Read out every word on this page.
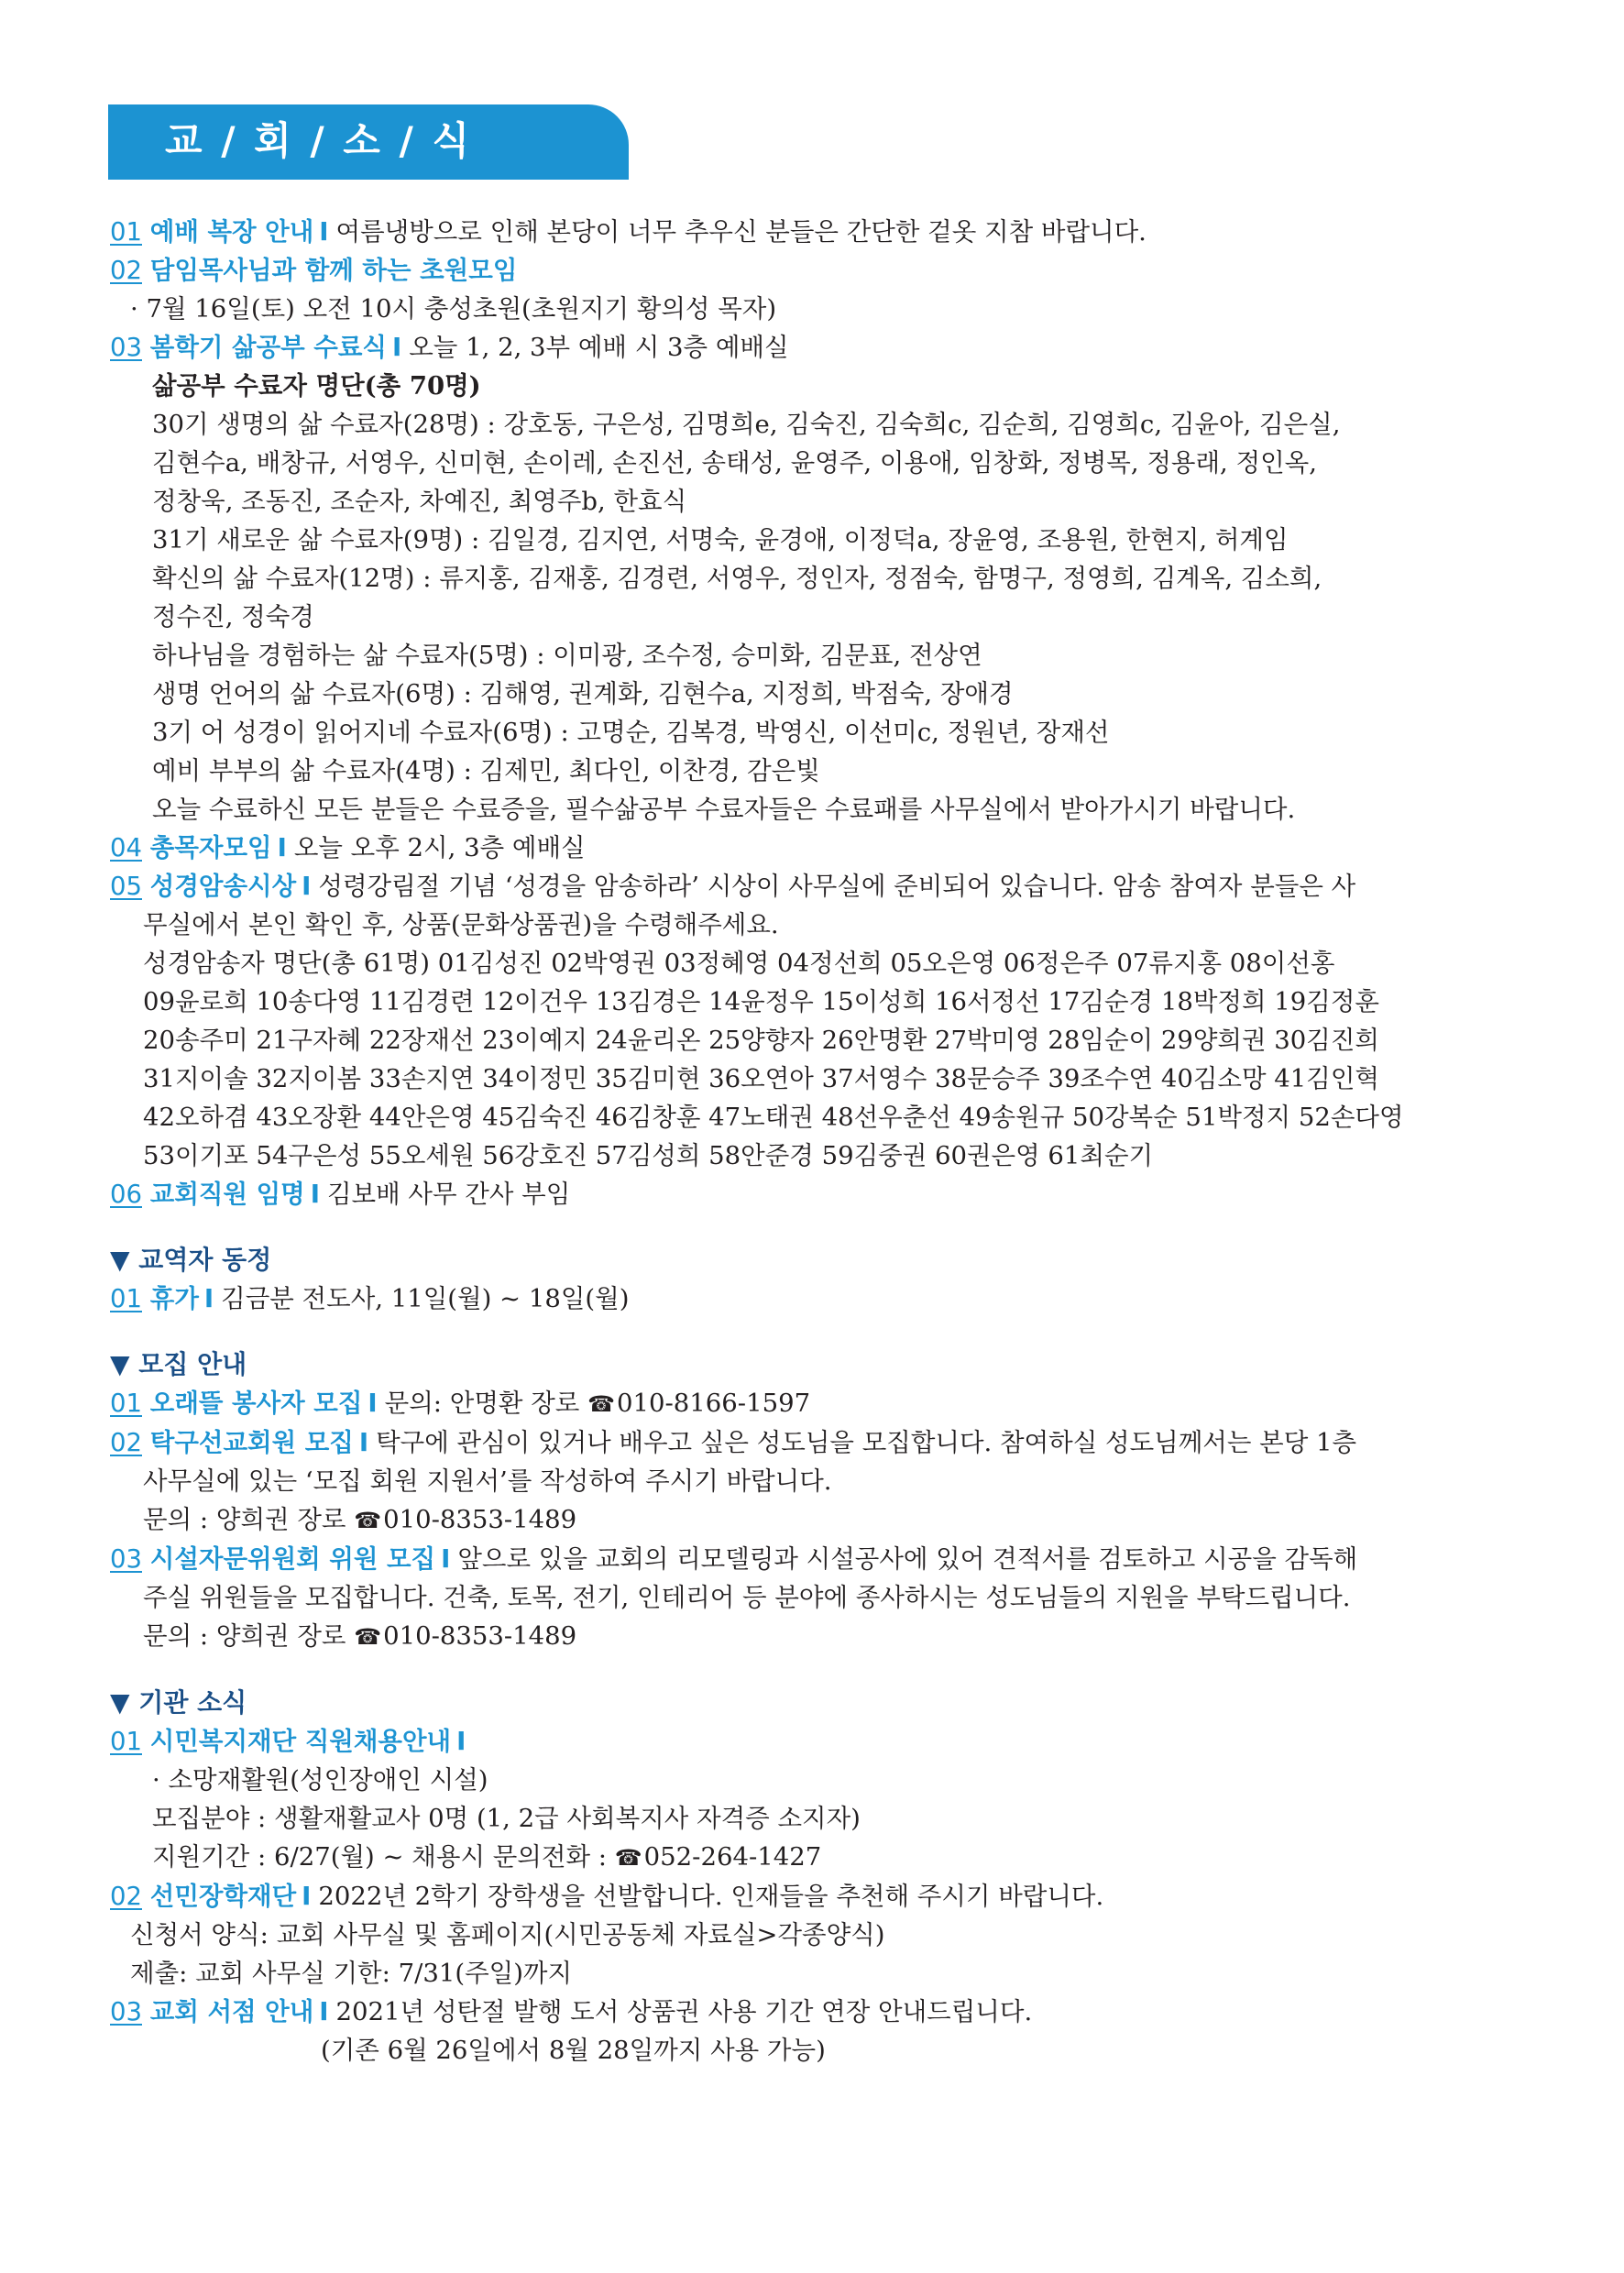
교 / 회 / 소 / 식
01 예배 복장 안내 I 여름냉방으로 인해 본당이 너무 추우신 분들은 간단한 겉옷 지참 바랍니다.
02 담임목사님과 함께 하는 초원모임
· 7월 16일(토) 오전 10시 충성초원(초원지기 황의성 목자)
03 봄학기 삶공부 수료식 I 오늘 1, 2, 3부 예배 시 3층 예배실
삶공부 수료자 명단(총 70명)
30기 생명의 삶 수료자(28명) : 강호동, 구은성, 김명희e, 김숙진, 김숙희c, 김순희, 김영희c, 김윤아, 김은실,
김현수a, 배창규, 서영우, 신미현, 손이레, 손진선, 송태성, 윤영주, 이용애, 임창화, 정병목, 정용래, 정인옥,
정창욱, 조동진, 조순자, 차예진, 최영주b, 한효식
31기 새로운 삶 수료자(9명) : 김일경, 김지연, 서명숙, 윤경애, 이정덕a, 장윤영, 조용원, 한현지, 허계임
확신의 삶 수료자(12명) : 류지홍, 김재홍, 김경련, 서영우, 정인자, 정점숙, 함명구, 정영희, 김계옥, 김소희,
정수진, 정숙경
하나님을 경험하는 삶 수료자(5명) : 이미광, 조수정, 승미화, 김문표, 전상연
생명 언어의 삶 수료자(6명) : 김해영, 권계화, 김현수a, 지정희, 박점숙, 장애경
3기 어 성경이 읽어지네 수료자(6명) : 고명순, 김복경, 박영신, 이선미c, 정원년, 장재선
예비 부부의 삶 수료자(4명) : 김제민, 최다인, 이찬경, 감은빛
오늘 수료하신 모든 분들은 수료증을, 필수삶공부 수료자들은 수료패를 사무실에서 받아가시기 바랍니다.
04 총목자모임 I 오늘 오후 2시, 3층 예배실
05 성경암송시상 I 성령강림절 기념 ‘성경을 암송하라’ 시상이 사무실에 준비되어 있습니다. 암송 참여자 분들은 사
무실에서 본인 확인 후, 상품(문화상품권)을 수령해주세요.
성경암송자 명단(총 61명) 01김성진 02박영권 03정혜영 04정선희 05오은영 06정은주 07류지홍 08이선홍
09윤로희 10송다영 11김경련 12이건우 13김경은 14윤정우 15이성희 16서정선 17김순경 18박정희 19김정훈
20송주미 21구자혜 22장재선 23이예지 24윤리온 25양향자 26안명환 27박미영 28임순이 29양희권 30김진희
31지이솔 32지이봄 33손지연 34이정민 35김미현 36오연아 37서영수 38문승주 39조수연 40김소망 41김인혁
42오하겸 43오장환 44안은영 45김숙진 46김창훈 47노태권 48선우춘선 49송원규 50강복순 51박정지 52손다영
53이기포 54구은성 55오세원 56강호진 57김성희 58안준경 59김중권 60권은영 61최순기
06 교회직원 임명 I 김보배 사무 간사 부임
▼ 교역자 동정
01 휴가 I 김금분 전도사, 11일(월) ~ 18일(월)
▼ 모집 안내
01 오래뜰 봉사자 모집 I 문의: 안명환 장로 ☎010-8166-1597
02 탁구선교회원 모집 I 탁구에 관심이 있거나 배우고 싶은 성도님을 모집합니다. 참여하실 성도님께서는 본당 1층
사무실에 있는 ‘모집 회원 지원서’를 작성하여 주시기 바랍니다.
문의 : 양희권 장로 ☎010-8353-1489
03 시설자문위원회 위원 모집 I 앞으로 있을 교회의 리모델링과 시설공사에 있어 견적서를 검토하고 시공을 감독해
주실 위원들을 모집합니다. 건축, 토목, 전기, 인테리어 등 분야에 종사하시는 성도님들의 지원을 부탁드립니다.
문의 : 양희권 장로 ☎010-8353-1489
▼ 기관 소식
01 시민복지재단 직원채용안내 I
· 소망재활원(성인장애인 시설)
모집분야 : 생활재활교사 0명 (1, 2급 사회복지사 자격증 소지자)
지원기간 : 6/27(월) ~ 채용시 문의전화 : ☎052-264-1427
02 선민장학재단 I 2022년 2학기 장학생을 선발합니다. 인재들을 추천해 주시기 바랍니다.
신청서 양식: 교회 사무실 및 홈페이지(시민공동체 자료실>각종양식)
제출: 교회 사무실 기한: 7/31(주일)까지
03 교회 서점 안내 I 2021년 성탄절 발행 도서 상품권 사용 기간 연장 안내드립니다.
(기존 6월 26일에서 8월 28일까지 사용 가능)
